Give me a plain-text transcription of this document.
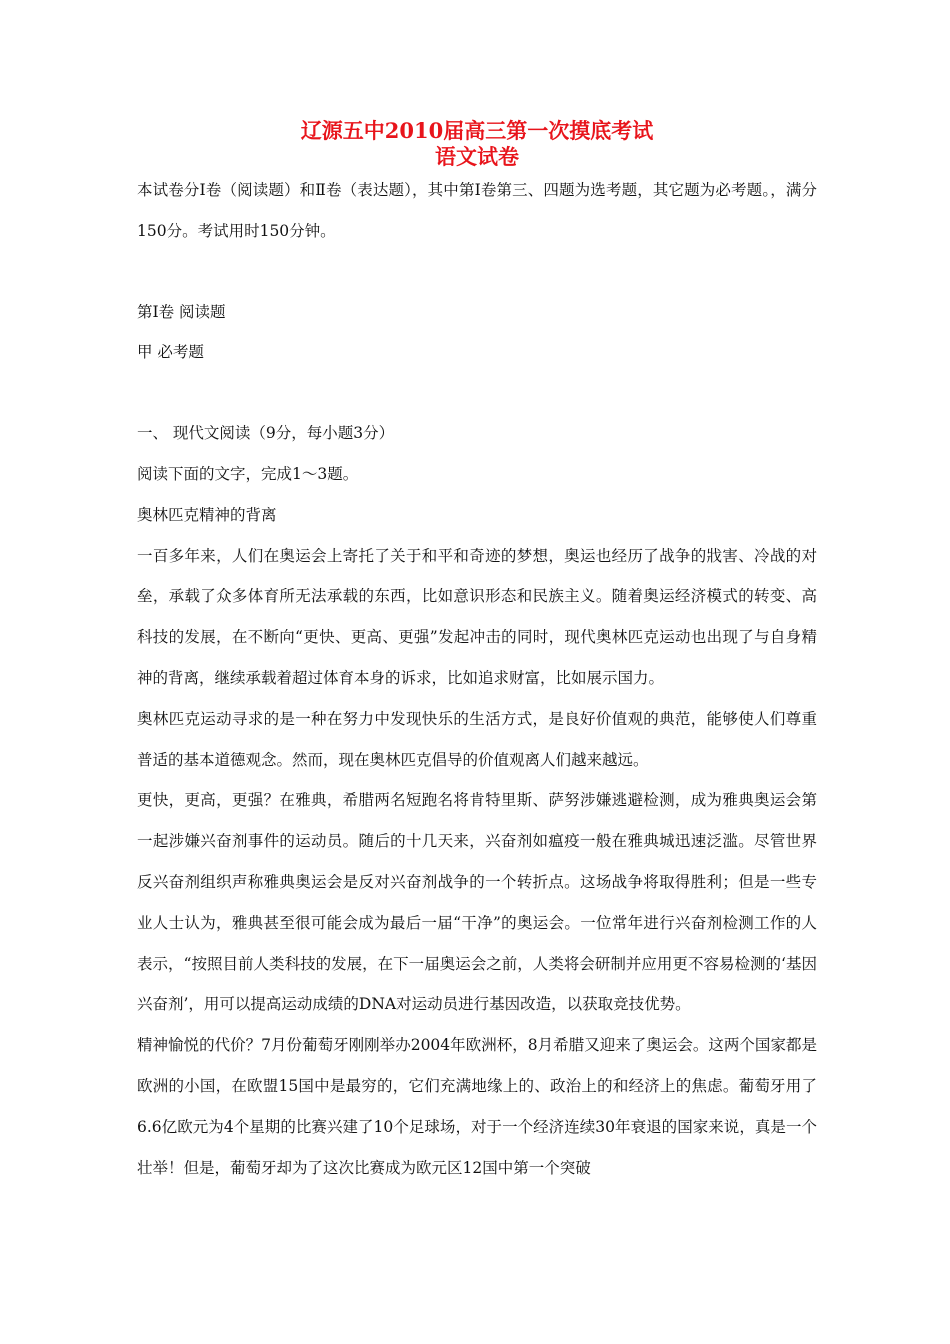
辽源五中2010届高三第一次摸底考试
语文试卷

本试卷分Ⅰ卷（阅读题）和Ⅱ卷（表达题），其中第Ⅰ卷第三、四题为选考题，其它题为必考题。，满分150分。考试用时150分钟。

第Ⅰ卷 阅读题

甲 必考题

一、 现代文阅读（9分，每小题3分）

阅读下面的文字，完成1～3题。

奥林匹克精神的背离

一百多年来，人们在奥运会上寄托了关于和平和奇迹的梦想，奥运也经历了战争的戕害、冷战的对垒，承载了众多体育所无法承载的东西，比如意识形态和民族主义。随着奥运经济模式的转变、高科技的发展，在不断向“更快、更高、更强”发起冲击的同时，现代奥林匹克运动也出现了与自身精神的背离，继续承载着超过体育本身的诉求，比如追求财富，比如展示国力。

奥林匹克运动寻求的是一种在努力中发现快乐的生活方式，是良好价值观的典范，能够使人们尊重普适的基本道德观念。然而，现在奥林匹克倡导的价值观离人们越来越远。

更快，更高，更强？在雅典，希腊两名短跑名将肯特里斯、萨努涉嫌逃避检测，成为雅典奥运会第一起涉嫌兴奋剂事件的运动员。随后的十几天来，兴奋剂如瘟疫一般在雅典城迅速泛滥。尽管世界反兴奋剂组织声称雅典奥运会是反对兴奋剂战争的一个转折点。这场战争将取得胜利；但是一些专业人士认为，雅典甚至很可能会成为最后一届“干净”的奥运会。一位常年进行兴奋剂检测工作的人表示，“按照目前人类科技的发展，在下一届奥运会之前，人类将会研制并应用更不容易检测的‘基因兴奋剂’，用可以提高运动成绩的DNA对运动员进行基因改造，以获取竞技优势。

精神愉悦的代价？7月份葡萄牙刚刚举办2004年欧洲杯，8月希腊又迎来了奥运会。这两个国家都是欧洲的小国，在欧盟15国中是最穷的，它们充满地缘上的、政治上的和经济上的焦虑。葡萄牙用了6.6亿欧元为4个星期的比赛兴建了10个足球场，对于一个经济连续30年衰退的国家来说，真是一个壮举！但是，葡萄牙却为了这次比赛成为欧元区12国中第一个突破
